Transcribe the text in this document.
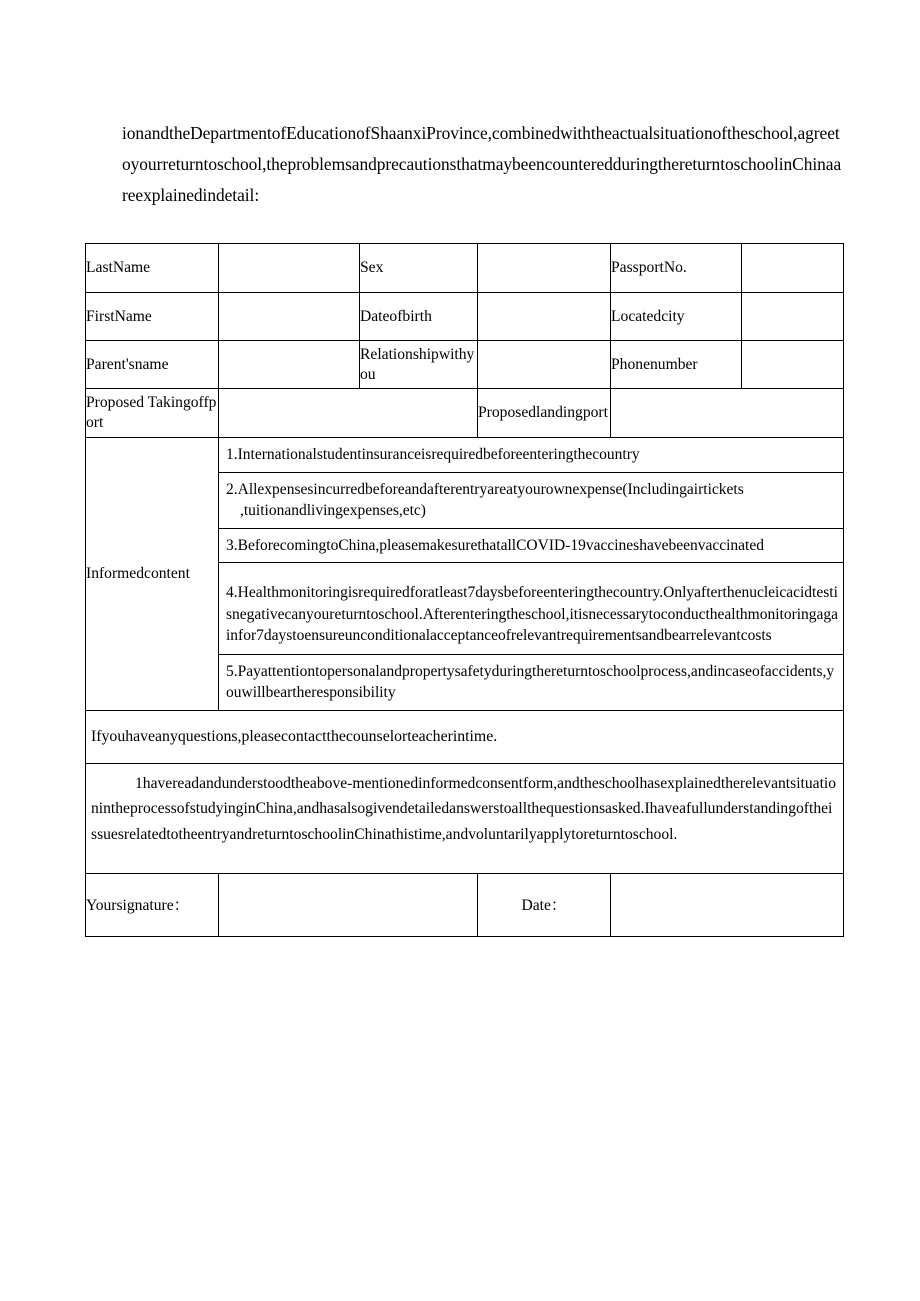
ionandtheDepartmentofEducationofShaanxiProvince,combinedwiththeactualsituationoftheschool,agreetoyourreturntoschool,theproblemsandprecautionsthatmaybeencounteredduringthereturntoschoolinChinaareexplainedindetail:
LastName		Sex		PassportNo.	
FirstName		Dateofbirth		Locatedcity	
Parent'sname		Relationshipwithyou		Phonenumber	
Proposed Takingoffport		Proposedlandingport	
Informedcontent	
1.Internationalstudentinsuranceisrequiredbeforeenteringthecountry
2.Allexpensesincurredbeforeandafterentryareatyourownexpense(Includingairtickets
,tuitionandlivingexpenses,etc)

3.BeforecomingtoChina,pleasemakesurethatallCOVID-19vaccineshavebeenvaccinated
4.Healthmonitoringisrequiredforatleast7daysbeforeenteringthecountry.Onlyafterthenucleicacidtestisnegativecanyoureturntoschool.Afterenteringtheschool,itisnecessarytoconducthealthmonitoringagainfor7daystoensureunconditionalacceptanceofrelevantrequirementsandbearrelevantcosts
5.Payattentiontopersonalandpropertysafetyduringthereturntoschoolprocess,andincaseofaccidents,youwillbeartheresponsibility

Ifyouhaveanyquestions,pleasecontactthecounselorteacherintime.
1havereadandunderstoodtheabove-mentionedinformedconsentform,andtheschoolhasexplainedtherelevantsituationintheprocessofstudyinginChina,andhasalsogivendetailedanswerstoallthequestionsasked.IhaveafullunderstandingoftheissuesrelatedtotheentryandreturntoschoolinChinathistime,andvoluntarilyapplytoreturntoschool.
Yoursignature：		Date：	
